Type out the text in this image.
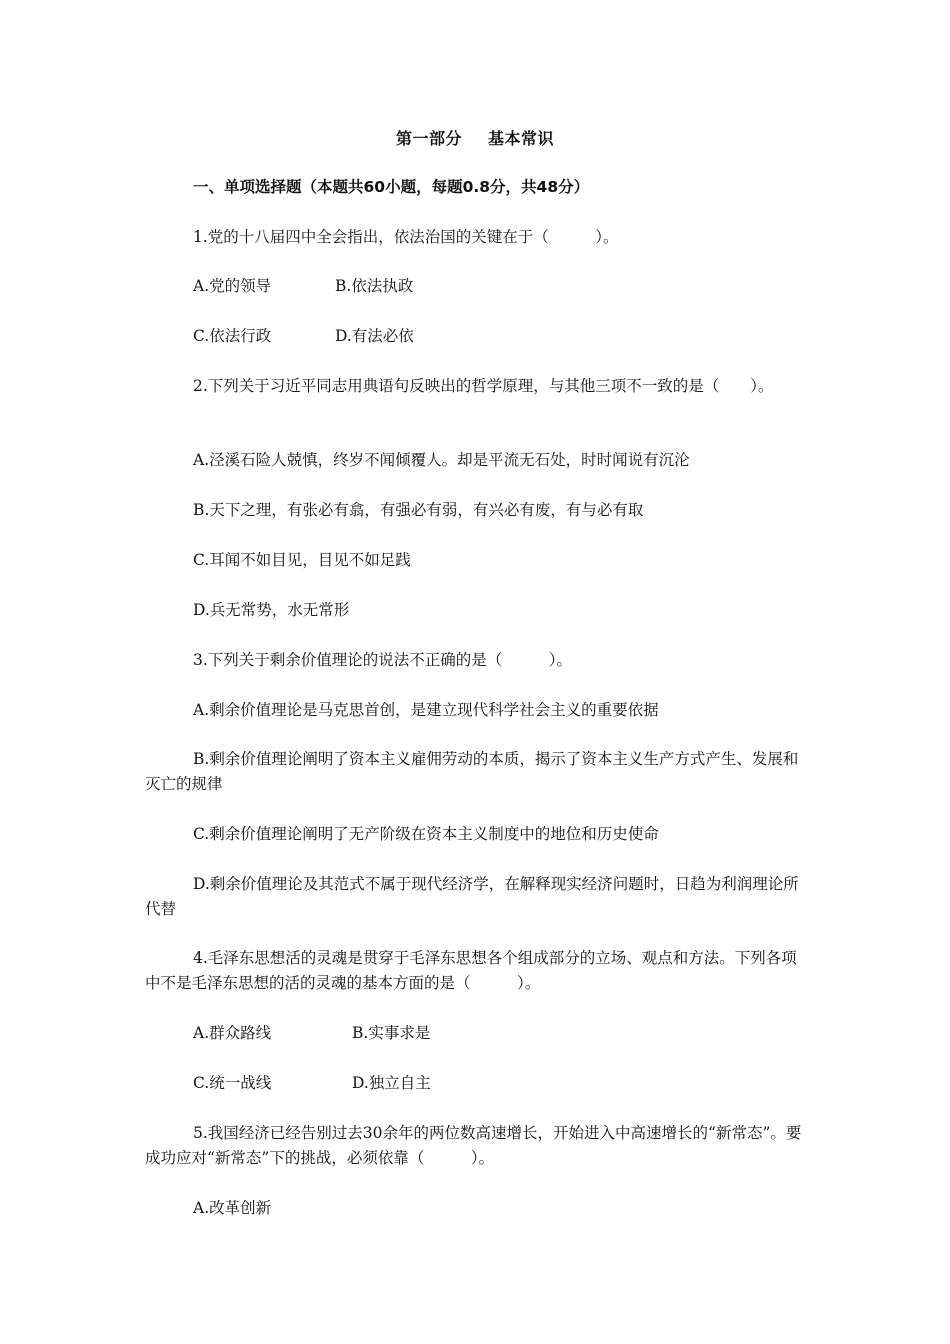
第一部分 基本常识
一、单项选择题（本题共60小题，每题0.8分，共48分）
1.党的十八届四中全会指出，依法治国的关键在于（　　　）。
A.党的领导	B.依法执政
C.依法行政	D.有法必依
2.下列关于习近平同志用典语句反映出的哲学原理，与其他三项不一致的是（　　）。
A.泾溪石险人兢慎，终岁不闻倾覆人。却是平流无石处，时时闻说有沉沦
B.天下之理，有张必有翕，有强必有弱，有兴必有废，有与必有取
C.耳闻不如目见，目见不如足践
D.兵无常势，水无常形
3.下列关于剩余价值理论的说法不正确的是（　　　）。
A.剩余价值理论是马克思首创，是建立现代科学社会主义的重要依据
B.剩余价值理论阐明了资本主义雇佣劳动的本质，揭示了资本主义生产方式产生、发展和灭亡的规律
C.剩余价值理论阐明了无产阶级在资本主义制度中的地位和历史使命
D.剩余价值理论及其范式不属于现代经济学，在解释现实经济问题时，日趋为利润理论所代替
4.毛泽东思想活的灵魂是贯穿于毛泽东思想各个组成部分的立场、观点和方法。下列各项中不是毛泽东思想的活的灵魂的基本方面的是（　　　）。
A.群众路线	B.实事求是
C.统一战线	D.独立自主
5.我国经济已经告别过去30余年的两位数高速增长，开始进入中高速增长的“新常态”。要成功应对“新常态”下的挑战，必须依靠（　　　）。
A.改革创新
